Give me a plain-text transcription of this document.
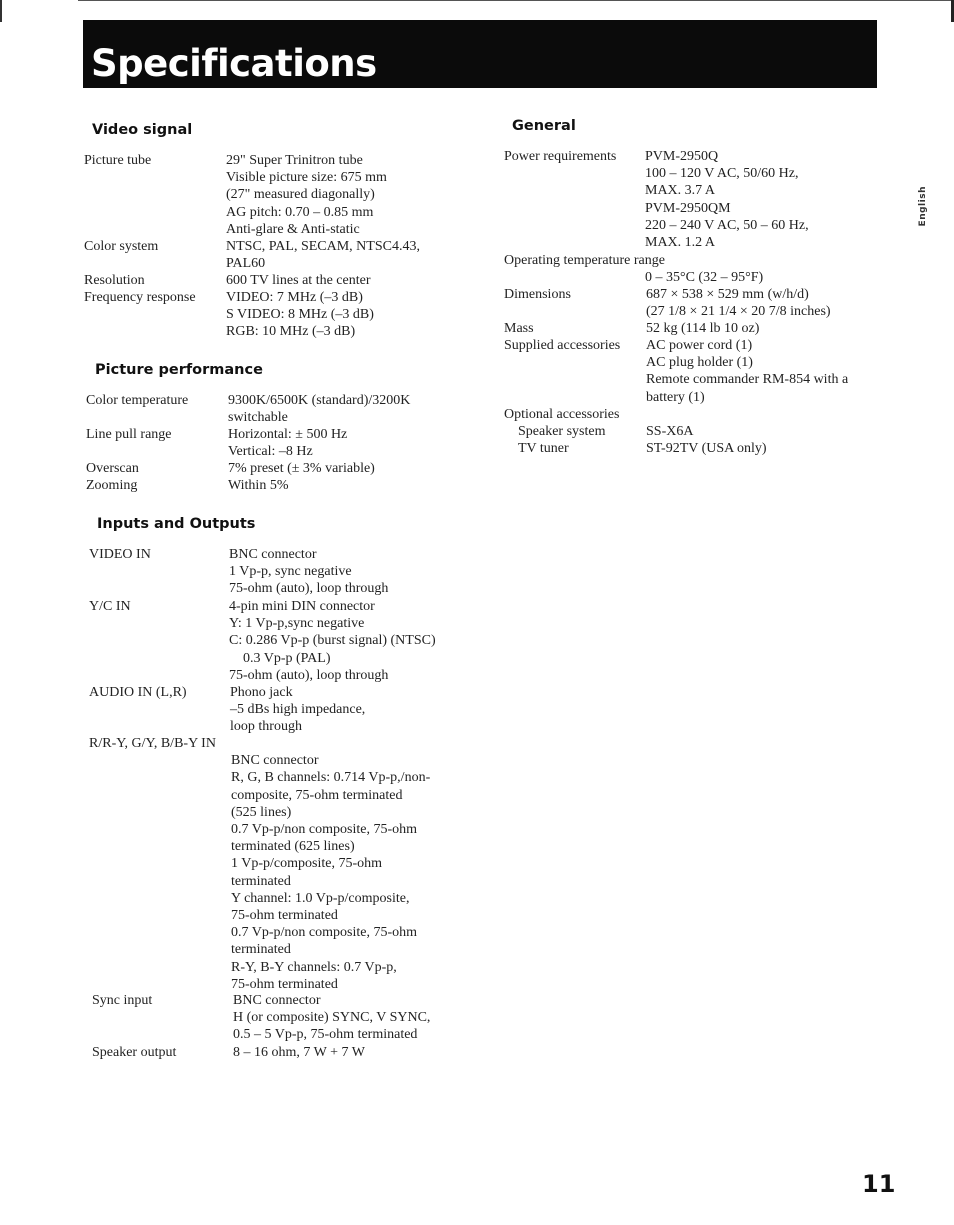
Specifications
English
Video signal
Picture tube	29" Super Trinitron tube
Visible picture size: 675 mm
(27" measured diagonally)
AG pitch: 0.70 – 0.85 mm
Anti-glare & Anti-static
Color system	NTSC, PAL, SECAM, NTSC4.43,
PAL60
Resolution	600 TV lines at the center
Frequency response VIDEO: 7 MHz (–3 dB)
S VIDEO: 8 MHz (–3 dB)
RGB: 10 MHz (–3 dB)
Picture performance
Color temperature	9300K/6500K (standard)/3200K
switchable
Line pull range	Horizontal: ± 500 Hz
Vertical: –8 Hz
Overscan	7% preset (± 3% variable)
Zooming	Within 5%
Inputs and Outputs
VIDEO IN	BNC connector
1 Vp-p, sync negative
75-ohm (auto), loop through
Y/C IN	4-pin mini DIN connector
Y: 1 Vp-p,sync negative
C: 0.286 Vp-p (burst signal) (NTSC)
0.3 Vp-p (PAL)
75-ohm (auto), loop through
AUDIO IN (L,R)	Phono jack
–5 dBs high impedance,
loop through
R/R-Y, G/Y, B/B-Y IN
BNC connector
R, G, B channels: 0.714 Vp-p,/non-
composite, 75-ohm terminated
(525 lines)
0.7 Vp-p/non composite, 75-ohm
terminated (625 lines)
1 Vp-p/composite, 75-ohm
terminated
Y channel: 1.0 Vp-p/composite,
75-ohm terminated
0.7 Vp-p/non composite, 75-ohm
terminated
R-Y, B-Y channels: 0.7 Vp-p,
75-ohm terminated
Sync input	BNC connector
H (or composite) SYNC, V SYNC,
0.5 – 5 Vp-p, 75-ohm terminated
Speaker output	8 – 16 ohm, 7 W + 7 W
General
Power requirements PVM-2950Q
100 – 120 V AC, 50/60 Hz,
MAX. 3.7 A
PVM-2950QM
220 – 240 V AC, 50 – 60 Hz,
MAX. 1.2 A
Operating temperature range
0 – 35°C (32 – 95°F)
Dimensions	687 × 538 × 529 mm (w/h/d)
(27 1/8 × 21 1/4 × 20 7/8 inches)
Mass	52 kg (114 lb 10 oz)
Supplied accessories AC power cord (1)
AC plug holder (1)
Remote commander RM-854 with a
battery (1)
Optional accessories
Speaker system	SS-X6A
TV tuner	ST-92TV (USA only)
11
